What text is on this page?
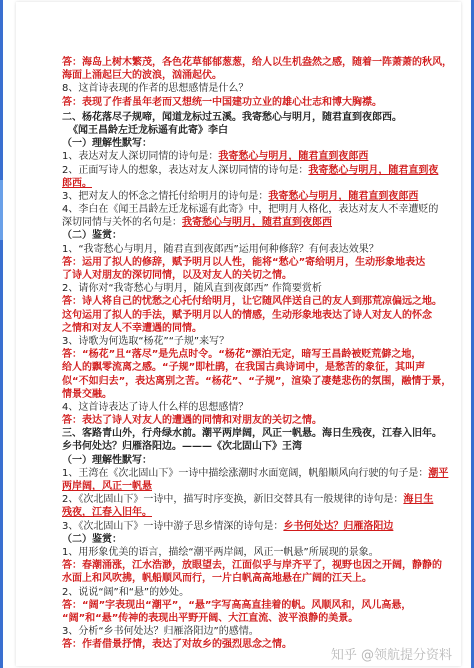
答：海岛上树木繁茂，各色花草郁郁葱葱，给人以生机盎然之感，随着一阵萧萧的秋风，
海面上涌起巨大的波浪，汹涌起伏。
8、这首诗表现的作者的思想感情是什么？
答：表现了作者虽年老而又想统一中国建功立业的雄心壮志和博大胸襟。
二、杨花落尽子规啼，闻道龙标过五溪。我寄愁心与明月，随君直到夜郎西。
《闻王昌龄左迁龙标遥有此寄》李白
（一）理解性默写：
1、表达对友人深切同情的诗句是：我寄愁心与明月，随君直到夜郎西
2、正面写诗人的想象，表达对友人深切同情的诗句是：我寄愁心与明月，随君直到夜
郎西。
3、把对友人的怀念之情托付给明月的诗句是：我寄愁心与明月，随君直到夜郎西
4、李白在《闻王昌龄左迁龙标遥有此寄》中，把明月人格化，表达对友人不幸遭贬的
深切同情与关怀的名句是：我寄愁心与明月，随君直到夜郎西
（二）鉴赏：
1、“我寄愁心与明月，随君直到夜郎西”运用何种修辞？有何表达效果？
答：运用了拟人的修辞，赋予明月以人性，能将“愁心”寄给明月，生动形象地表达
了诗人对朋友的深切同情，以及对友人的关切之情。
2、请你对“我寄愁心与明月，随风直到夜郎西” 作简要赏析
答：诗人将自己的忧愁之心托付给明月，让它随风伴送自己的友人到那荒凉偏远之地。
这句运用了拟人的手法，赋予明月以人的情感，生动形象地表达了诗人对友人的怀念
之情和对友人不幸遭遇的同情。
3、诗歌为何选取“杨花”“子规”来写？
答：“杨花”且“落尽”是先点时令。“杨花”漂泊无定，暗写王昌龄被贬荒僻之地，
给人的飘零流离之感。“子规”即杜鹃，在我国古典诗词中，是愁苦的象征，其叫声
似“不如归去”，表达离别之苦。“杨花”、“子规”，渲染了凄楚悲伤的氛围，融情于景，
情景交融。
4、这首诗表达了诗人什么样的思想感情？
答：表达了诗人对友人的遭遇的同情和对朋友的关切之情。
三、客路青山外，行舟绿水前。潮平两岸阔，风正一帆悬。海日生残夜，江春入旧年。
乡书何处达？归雁洛阳边。———《次北固山下》王湾
（一）理解性默写：
1、王湾在《次北固山下》一诗中描绘涨潮时水面宽阔，帆船顺风向行驶的句子是：潮平
两岸阔，风正一帆悬
2、《次北固山下》一诗中，描写时序变换，新旧交替具有一般规律的诗句是：海日生
残夜，江春入旧年。
3、《次北固山下》一诗中游子思乡情深的诗句是：乡书何处达？归雁洛阳边
（二）鉴赏：
1、用形象优美的语言，描绘“潮平两岸阔，风正一帆悬”所展现的景象。
答：春潮涌涨，江水浩渺，放眼望去，江面似乎与岸齐平了，视野也因之开阔，静静的
水面上和风吹拂，帆船顺风而行，一片白帆高高地悬在广阔的江天上。
2、说说“阔”和“悬”的妙处。
答：“阔”字表现出“潮平”，“悬”字写高高直挂着的帆。风顺风和，风儿高悬，
“阔”和“悬”传神的表现出平野开阔、大江直流、波平浪静的美景。
3、分析“乡书何处达？归雁洛阳边”的感情。
答：作者借景抒情，表达了对故乡的强烈思念之情。
知乎 @领航提分资料
